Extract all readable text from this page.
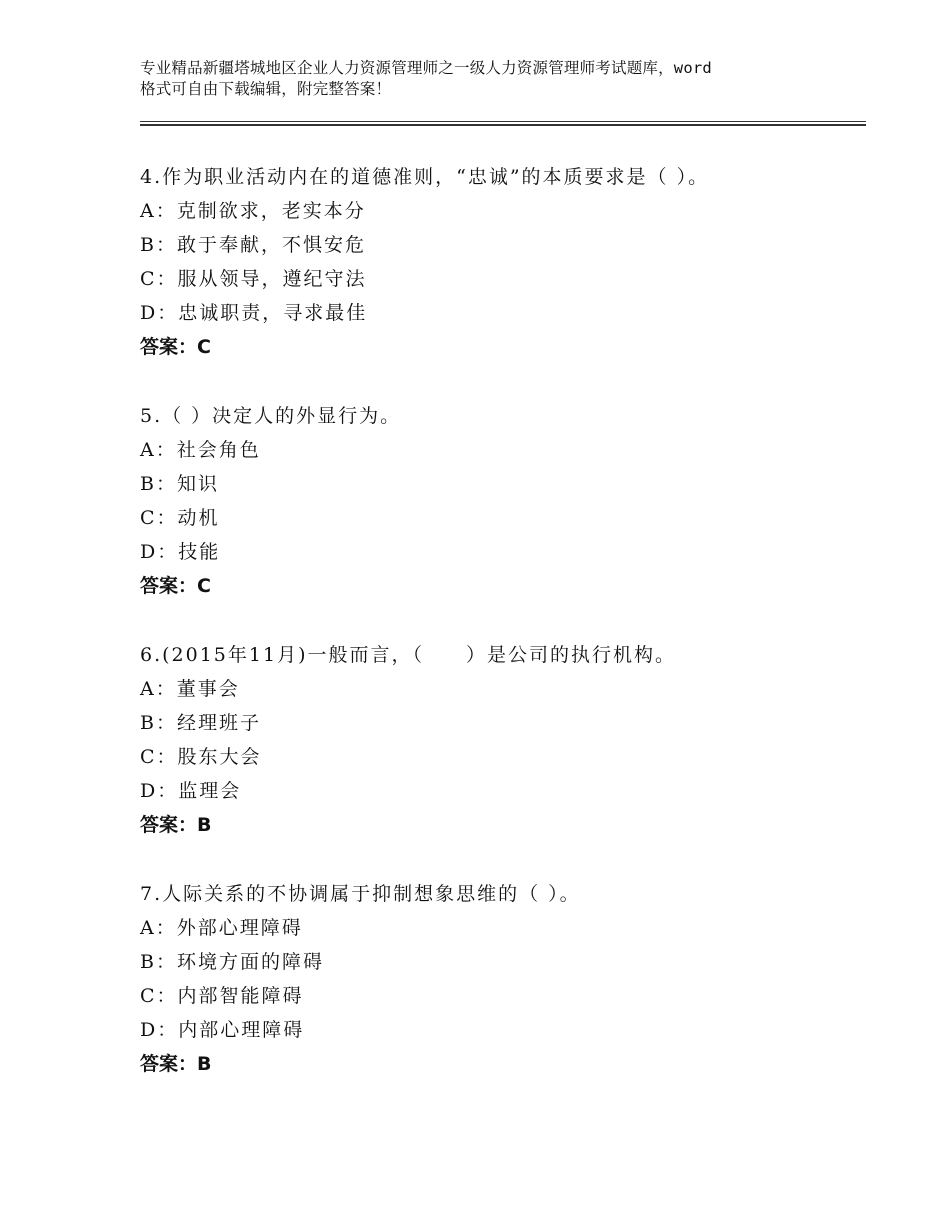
专业精品新疆塔城地区企业人力资源管理师之一级人力资源管理师考试题库，word
格式可自由下载编辑，附完整答案！
4.作为职业活动内在的道德准则，“忠诚”的本质要求是（ ）。
A：克制欲求，老实本分
B：敢于奉献，不惧安危
C：服从领导，遵纪守法
D：忠诚职责，寻求最佳
答案：C
5.（ ）决定人的外显行为。
A：社会角色
B：知识
C：动机
D：技能
答案：C
6.(2015年11月)一般而言，（　　）是公司的执行机构。
A：董事会
B：经理班子
C：股东大会
D：监理会
答案：B
7.人际关系的不协调属于抑制想象思维的（ ）。
A：外部心理障碍
B：环境方面的障碍
C：内部智能障碍
D：内部心理障碍
答案：B
